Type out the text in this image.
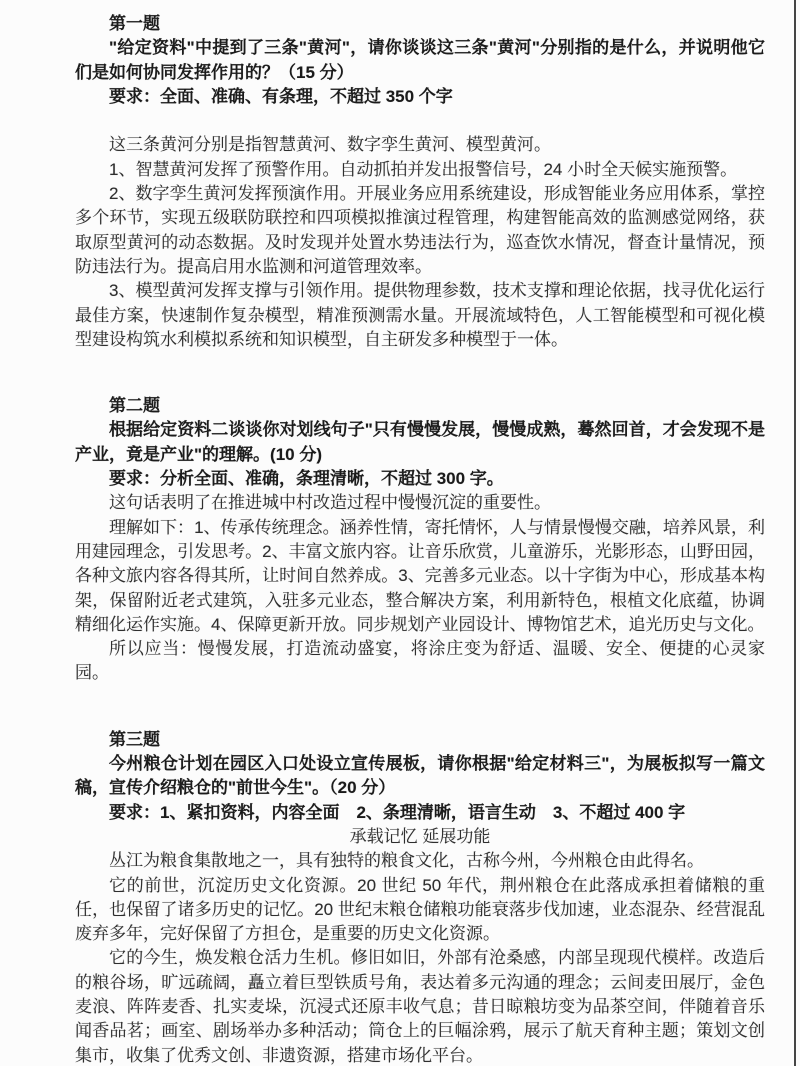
第一题

"给定资料"中提到了三条"黄河"，请你谈谈这三条"黄河"分别指的是什么，并说明他它们是如何协同发挥作用的？（15 分）

要求：全面、准确、有条理，不超过 350 个字

这三条黄河分别是指智慧黄河、数字孪生黄河、模型黄河。

1、智慧黄河发挥了预警作用。自动抓拍并发出报警信号，24 小时全天候实施预警。

2、数字孪生黄河发挥预演作用。开展业务应用系统建设，形成智能业务应用体系，掌控多个环节，实现五级联防联控和四项模拟推演过程管理，构建智能高效的监测感觉网络，获取原型黄河的动态数据。及时发现并处置水势违法行为，巡查饮水情况，督查计量情况，预防违法行为。提高启用水监测和河道管理效率。

3、模型黄河发挥支撑与引领作用。提供物理参数，技术支撑和理论依据，找寻优化运行最佳方案，快速制作复杂模型，精准预测需水量。开展流域特色，人工智能模型和可视化模型建设构筑水利模拟系统和知识模型，自主研发多种模型于一体。

第二题

根据给定资料二谈谈你对划线句子"只有慢慢发展，慢慢成熟，蓦然回首，才会发现不是产业，竟是产业"的理解。(10 分)

要求：分析全面、准确，条理清晰，不超过 300 字。

这句话表明了在推进城中村改造过程中慢慢沉淀的重要性。

理解如下：1、传承传统理念。涵养性情，寄托情怀，人与情景慢慢交融，培养风景，利用建园理念，引发思考。2、丰富文旅内容。让音乐欣赏，儿童游乐，光影形态，山野田园，各种文旅内容各得其所，让时间自然养成。3、完善多元业态。以十字街为中心，形成基本构架，保留附近老式建筑，入驻多元业态，整合解决方案，利用新特色，根植文化底蕴，协调精细化运作实施。4、保障更新开放。同步规划产业园设计、博物馆艺术，追光历史与文化。

所以应当：慢慢发展，打造流动盛宴，将涂庄变为舒适、温暖、安全、便捷的心灵家园。

第三题

今州粮仓计划在园区入口处设立宣传展板，请你根据"给定材料三"，为展板拟写一篇文稿，宣传介绍粮仓的"前世今生"。（20 分）

要求：1、紧扣资料，内容全面　2、条理清晰，语言生动　3、不超过 400 字

承载记忆 延展功能

丛江为粮食集散地之一，具有独特的粮食文化，古称今州，今州粮仓由此得名。

它的前世，沉淀历史文化资源。20 世纪 50 年代，荆州粮仓在此落成承担着储粮的重任，也保留了诸多历史的记忆。20 世纪末粮仓储粮功能衰落步伐加速，业态混杂、经营混乱废弃多年，完好保留了方担仓，是重要的历史文化资源。

它的今生，焕发粮仓活力生机。修旧如旧，外部有沧桑感，内部呈现现代模样。改造后的粮谷场，旷远疏阔，矗立着巨型铁质号角，表达着多元沟通的理念；云间麦田展厅，金色麦浪、阵阵麦香、扎实麦垛，沉浸式还原丰收气息；昔日晾粮坊变为品茶空间，伴随着音乐闻香品茗；画室、剧场举办多种活动；筒仓上的巨幅涂鸦，展示了航天育种主题；策划文创集市，收集了优秀文创、非遗资源，搭建市场化平台。
